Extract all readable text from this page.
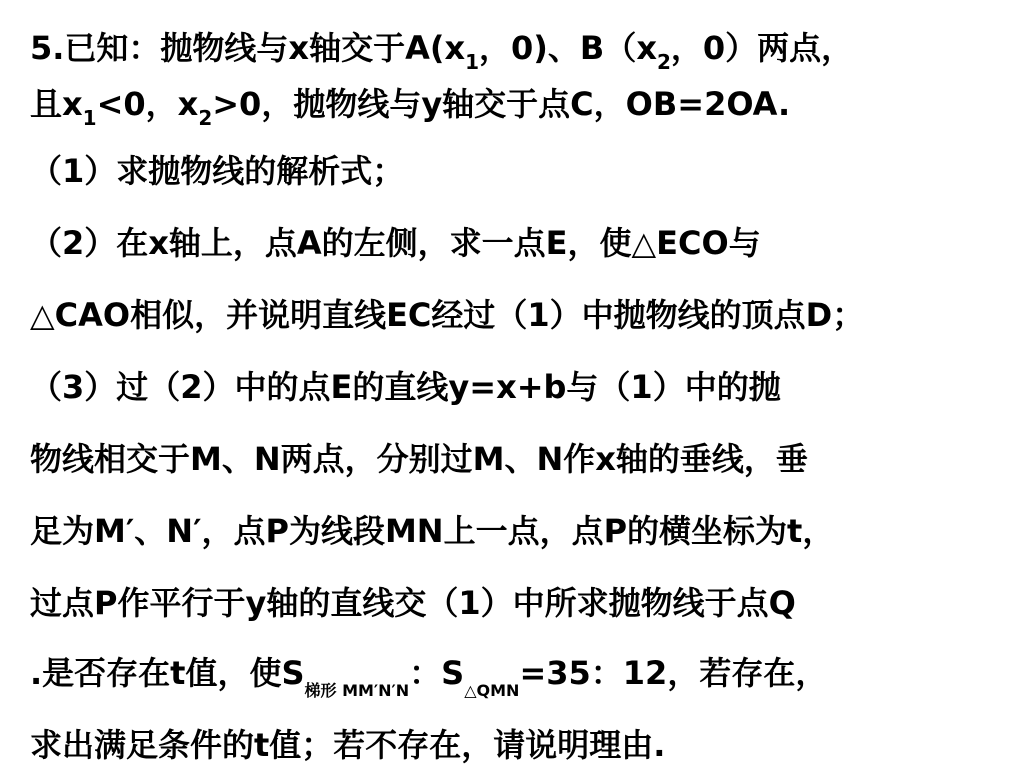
5.已知：抛物线与x轴交于$A(x_1$，0)、$B(x_2$，0）两点，
且$x_1<0$，$x_2>0$，抛物线与y轴交于点C，OB=2OA.
（1）求抛物线的解析式；
（2）在x轴上，点A的左侧，求一点E，使△ECO与
△CAO相似，并说明直线EC经过（1）中抛物线的顶点D；
（3）过（2）中的点E的直线y=x+b与（1）中的抛
物线相交于M、N两点，分别过M、N作x轴的垂线，垂
足为M′、N′，点P为线段MN上一点，点P的横坐标为t，
过点P作平行于y轴的直线交（1）中所求抛物线于点Q
.是否存在t值，使$S_{梯形 MM'N'N}$：$S_{\triangle QMN}=35$：12，若存在，
求出满足条件的t值；若不存在，请说明理由.
